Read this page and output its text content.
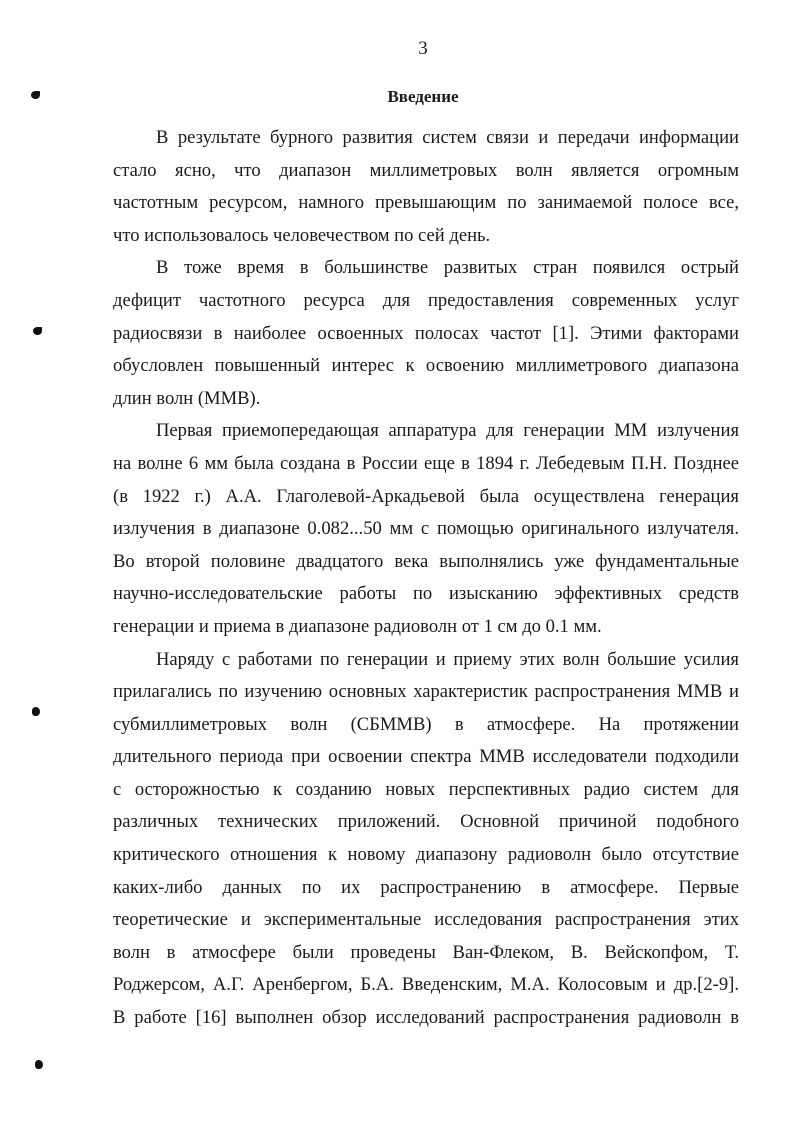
3
Введение
В результате бурного развития систем связи и передачи информации
стало ясно, что диапазон миллиметровых волн является огромным
частотным ресурсом, намного превышающим по занимаемой полосе все,
что использовалось человечеством по сей день.
В тоже время в большинстве развитых стран появился острый
дефицит частотного ресурса для предоставления современных услуг
радиосвязи в наиболее освоенных полосах частот [1]. Этими факторами
обусловлен повышенный интерес к освоению миллиметрового диапазона
длин волн (ММВ).
Первая приемопередающая аппаратура для генерации ММ излучения
на волне 6 мм была создана в России еще в 1894 г. Лебедевым П.Н. Позднее
(в 1922 г.) А.А. Глаголевой-Аркадьевой была осуществлена генерация
излучения в диапазоне 0.082...50 мм с помощью оригинального излучателя.
Во второй половине двадцатого века выполнялись уже фундаментальные
научно-исследовательские работы по изысканию эффективных средств
генерации и приема в диапазоне радиоволн от 1 см до 0.1 мм.
Наряду с работами по генерации и приему этих волн большие усилия
прилагались по изучению основных характеристик распространения ММВ и
субмиллиметровых волн (СБММВ) в атмосфере. На протяжении
длительного периода при освоении спектра ММВ исследователи подходили
с осторожностью к созданию новых перспективных радио систем для
различных технических приложений. Основной причиной подобного
критического отношения к новому диапазону радиоволн было отсутствие
каких-либо данных по их распространению в атмосфере. Первые
теоретические и экспериментальные исследования распространения этих
волн в атмосфере были проведены Ван-Флеком, В. Вейскопфом, Т.
Роджерсом, А.Г. Аренбергом, Б.А. Введенским, М.А. Колосовым и др.[2-9].
В работе [16] выполнен обзор исследований распространения радиоволн в
